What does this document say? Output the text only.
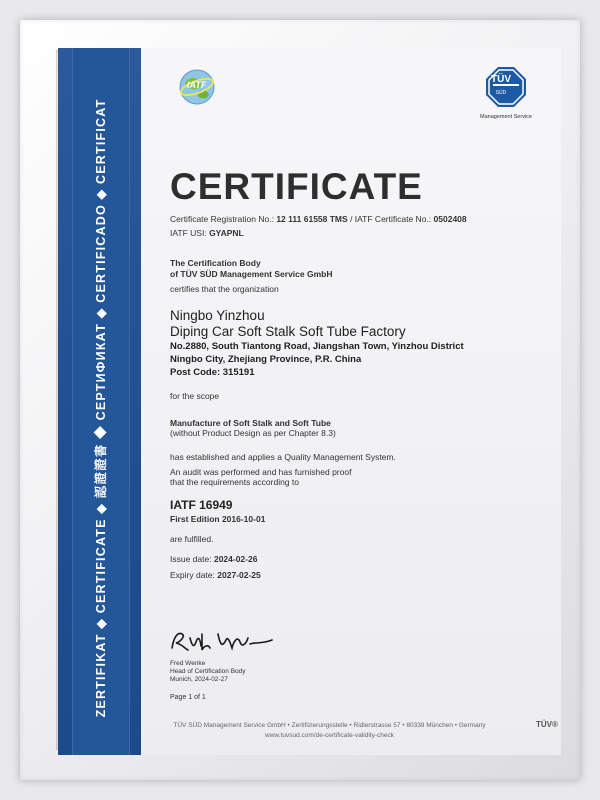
ZERTIFIKAT ◆ CERTIFICATE ◆ 認證證書 ◆ СЕРТИФИКАТ ◆ CERTIFICADO ◆ CERTIFICAT
IATF	TÜV
SÜD
Management Service
CERTIFICATE
Certificate Registration No.: 12 111 61558 TMS / IATF Certificate No.: 0502408
IATF USI: GYAPNL
The Certification Body
of TÜV SÜD Management Service GmbH
certifies that the organization
Ningbo Yinzhou
Diping Car Soft Stalk Soft Tube Factory
No.2880, South Tiantong Road, Jiangshan Town, Yinzhou District
Ningbo City, Zhejiang Province, P.R. China
Post Code: 315191
for the scope
Manufacture of Soft Stalk and Soft Tube
(without Product Design as per Chapter 8.3)
has established and applies a Quality Management System.
An audit was performed and has furnished proof
that the requirements according to
IATF 16949
First Edition 2016-10-01
are fulfilled.
Issue date: 2024-02-26
Expiry date: 2027-02-25
Fred Wenke
Head of Certification Body
Munich, 2024-02-27
Page 1 of 1
TÜV SÜD Management Service GmbH • Zertifizierungsstelle • Ridlerstrasse 57 • 80339 München • Germany
www.tuvsud.com/de-certificate-validity-check
TÜV®
